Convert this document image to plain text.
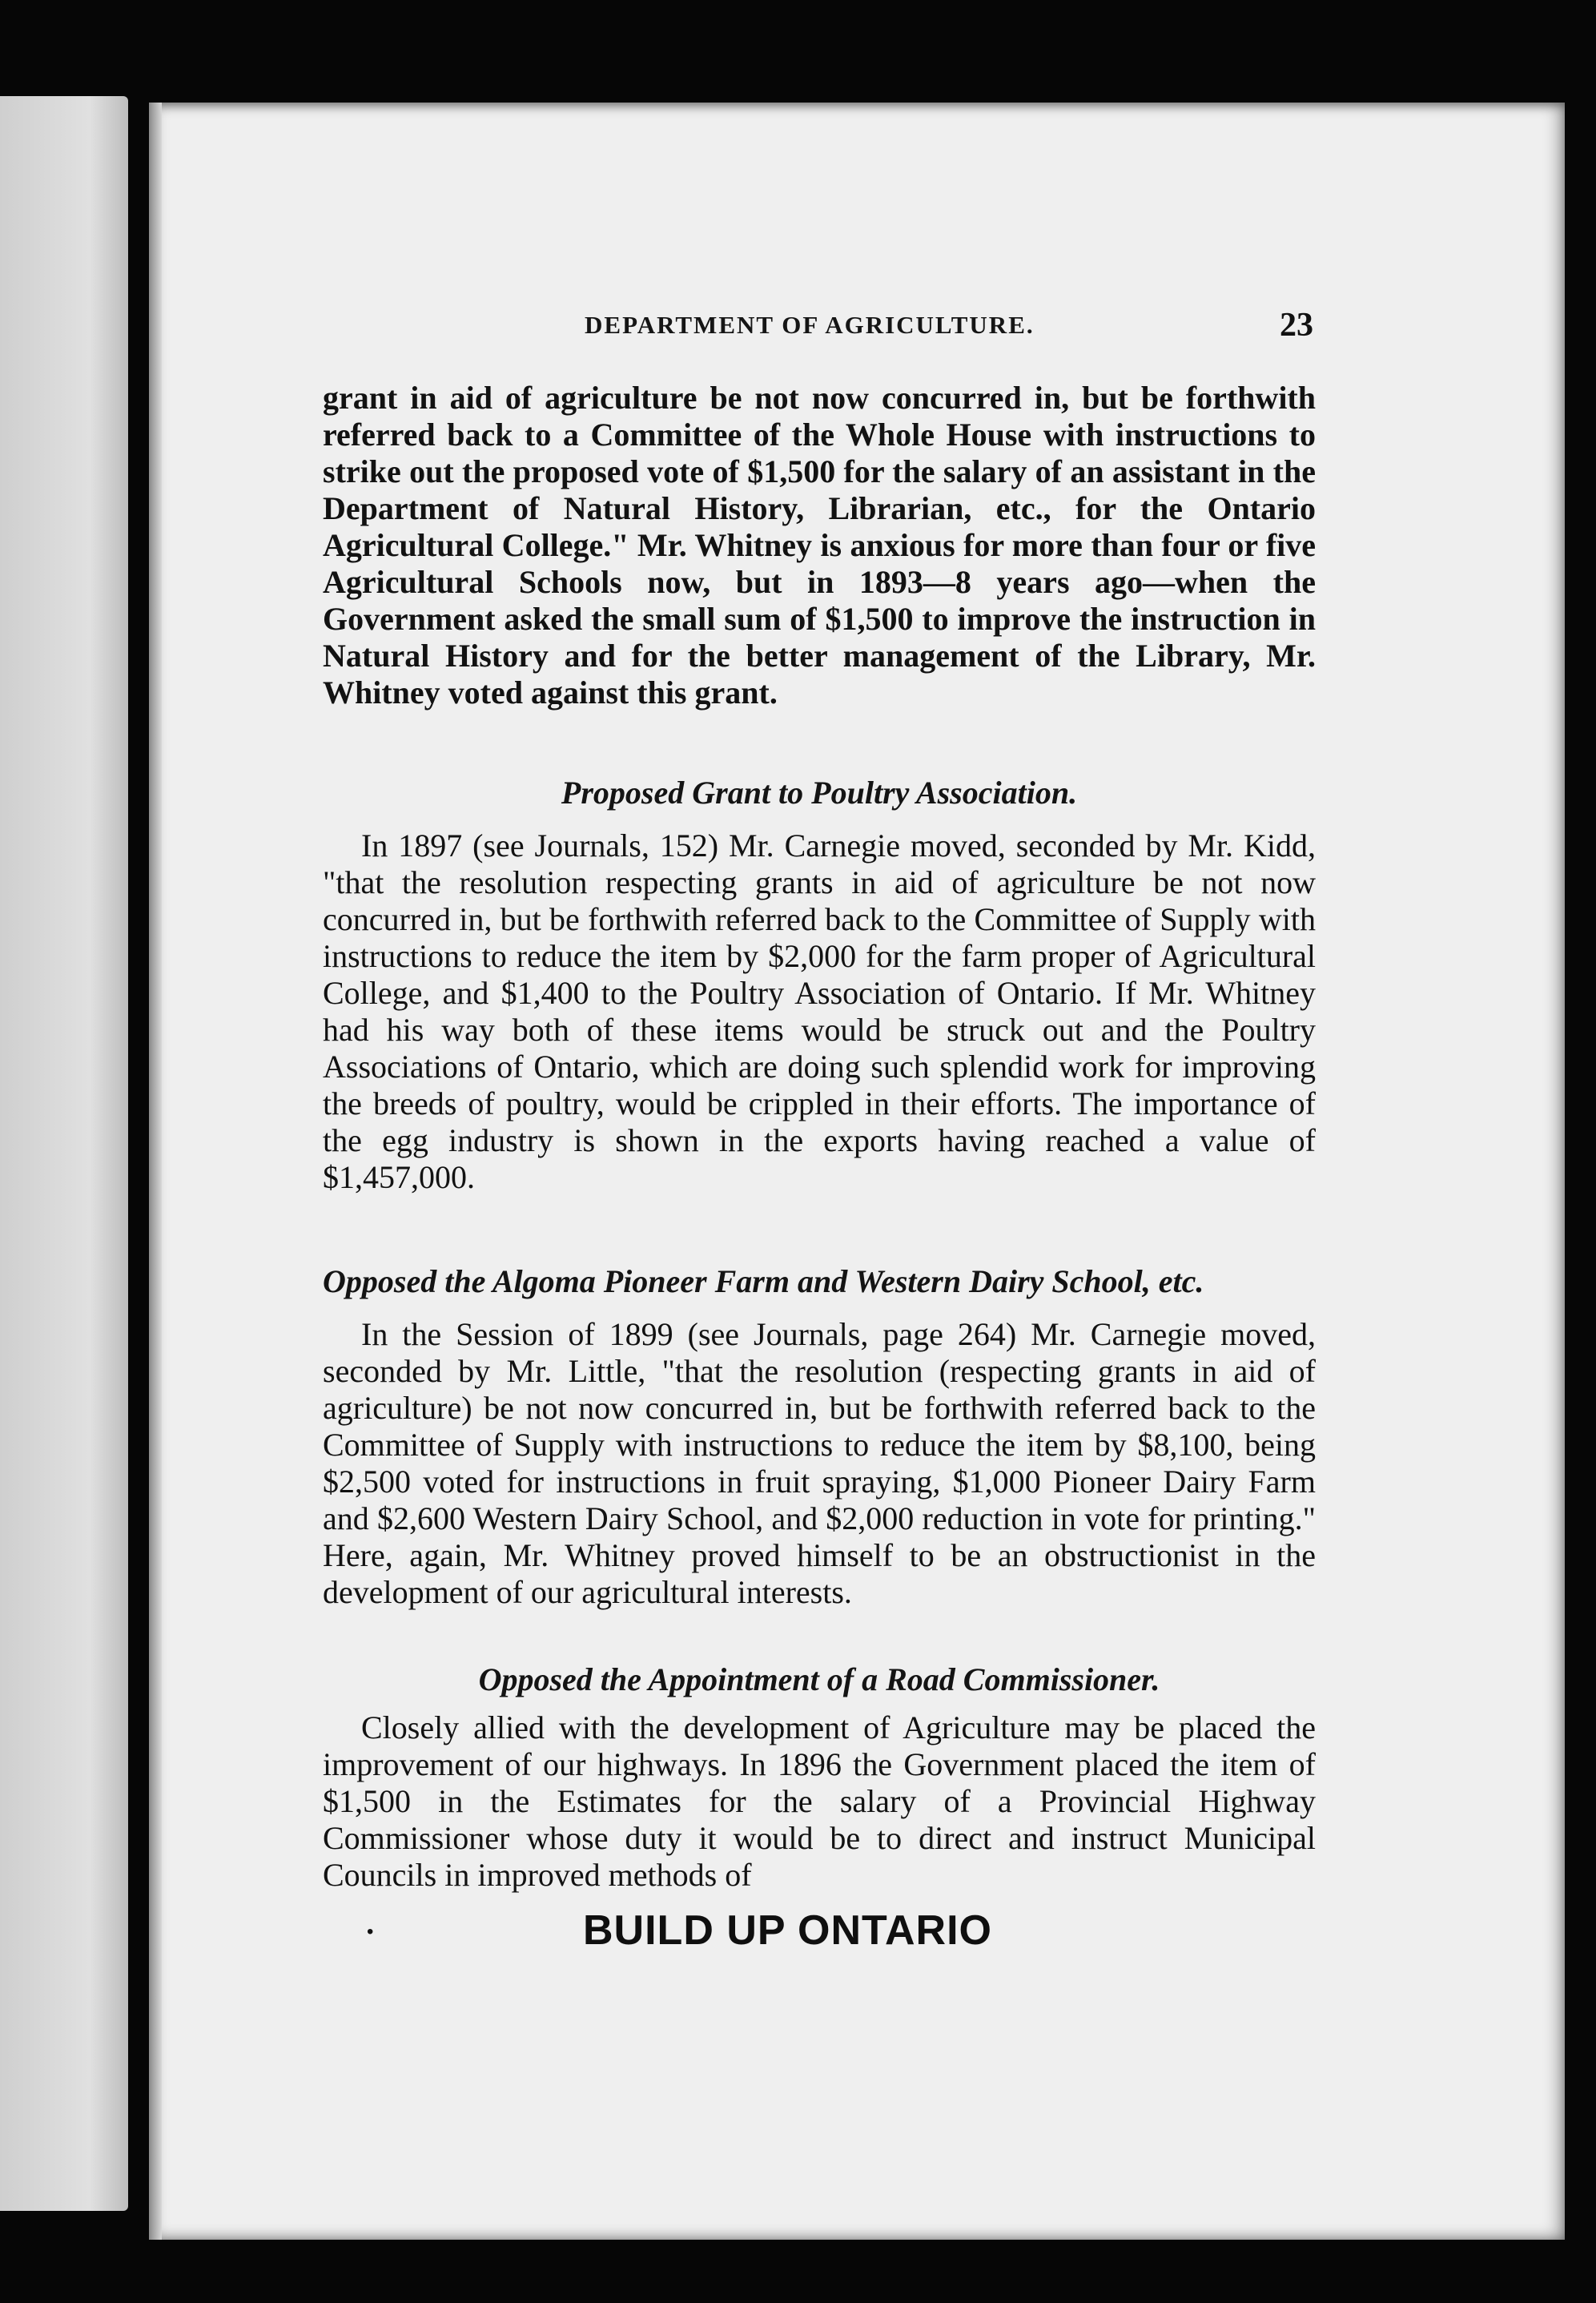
DEPARTMENT OF AGRICULTURE.	23

grant in aid of agriculture be not now concurred in, but be forthwith referred back to a Committee of the Whole House with instructions to strike out the proposed vote of $1,500 for the salary of an assistant in the Department of Natural History, Librarian, etc., for the Ontario Agricultural College." Mr. Whitney is anxious for more than four or five Agricultural Schools now, but in 1893—8 years ago—when the Government asked the small sum of $1,500 to improve the instruction in Natural History and for the better management of the Library, Mr. Whitney voted against this grant.

Proposed Grant to Poultry Association.

In 1897 (see Journals, 152) Mr. Carnegie moved, seconded by Mr. Kidd, "that the resolution respecting grants in aid of agriculture be not now concurred in, but be forthwith referred back to the Committee of Supply with instructions to reduce the item by $2,000 for the farm proper of Agricultural College, and $1,400 to the Poultry Association of Ontario. If Mr. Whitney had his way both of these items would be struck out and the Poultry Associations of Ontario, which are doing such splendid work for improving the breeds of poultry, would be crippled in their efforts. The importance of the egg industry is shown in the exports having reached a value of $1,457,000.

Opposed the Algoma Pioneer Farm and Western Dairy School, etc.

In the Session of 1899 (see Journals, page 264) Mr. Carnegie moved, seconded by Mr. Little, "that the resolution (respecting grants in aid of agriculture) be not now concurred in, but be forthwith referred back to the Committee of Supply with instructions to reduce the item by $8,100, being $2,500 voted for instructions in fruit spraying, $1,000 Pioneer Dairy Farm and $2,600 Western Dairy School, and $2,000 reduction in vote for printing." Here, again, Mr. Whitney proved himself to be an obstructionist in the development of our agricultural interests.

Opposed the Appointment of a Road Commissioner.

Closely allied with the development of Agriculture may be placed the improvement of our highways. In 1896 the Government placed the item of $1,500 in the Estimates for the salary of a Provincial Highway Commissioner whose duty it would be to direct and instruct Municipal Councils in improved methods of

•	BUILD UP ONTARIO
